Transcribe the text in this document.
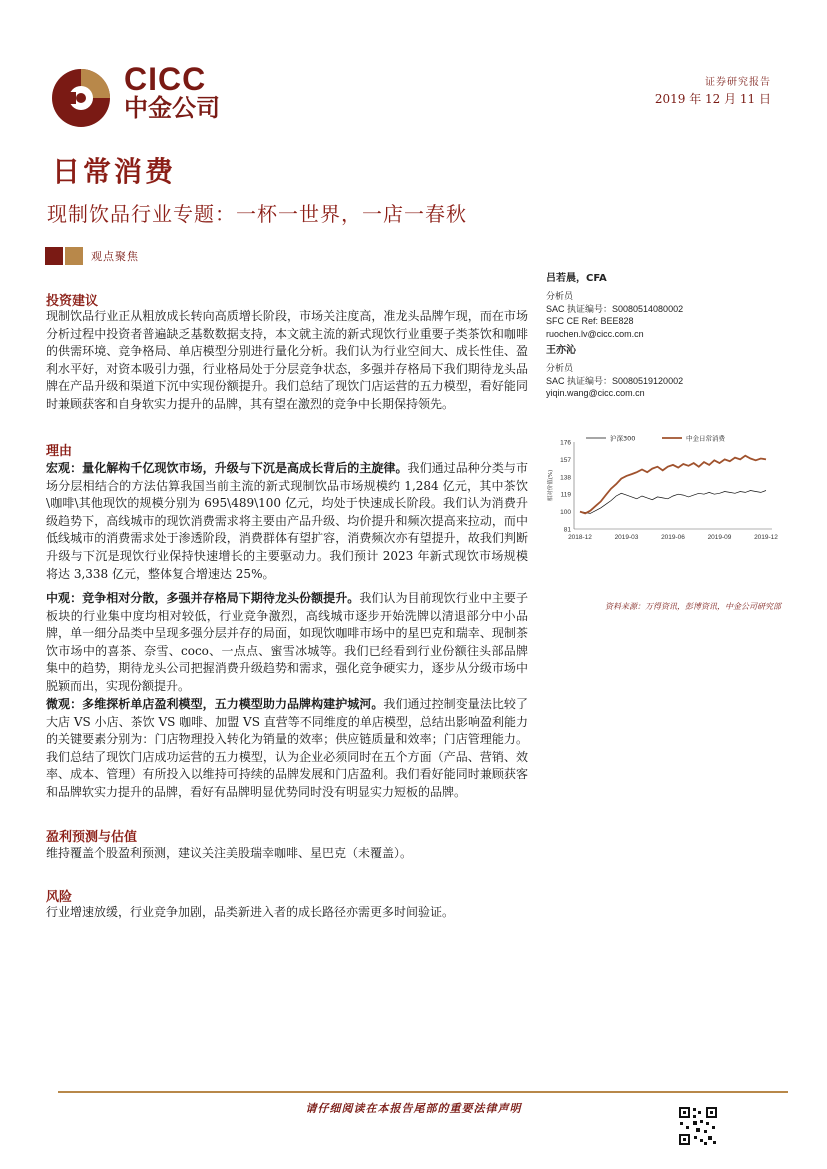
CICC
中金公司
证券研究报告
2019 年 12 月 11 日
日常消费
现制饮品行业专题：一杯一世界，一店一春秋
观点聚焦
投资建议
现制饮品行业正从粗放成长转向高质增长阶段，市场关注度高，准龙头品牌乍现，而在市场分析过程中投资者普遍缺乏基数数据支持，本文就主流的新式现饮行业重要子类茶饮和咖啡的供需环境、竞争格局、单店模型分别进行量化分析。我们认为行业空间大、成长性佳、盈利水平好，对资本吸引力强，行业格局处于分层竞争状态，多强并存格局下我们期待龙头品牌在产品升级和渠道下沉中实现份额提升。我们总结了现饮门店运营的五力模型，看好能同时兼顾获客和自身软实力提升的品牌，其有望在激烈的竞争中长期保持领先。
理由
宏观：量化解构千亿现饮市场，升级与下沉是高成长背后的主旋律。我们通过品种分类与市场分层相结合的方法估算我国当前主流的新式现制饮品市场规模约 1,284 亿元，其中茶饮\咖啡\其他现饮的规模分别为 695\489\100 亿元，均处于快速成长阶段。我们认为消费升级趋势下，高线城市的现饮消费需求将主要由产品升级、均价提升和频次提高来拉动，而中低线城市的消费需求处于渗透阶段，消费群体有望扩容，消费频次亦有望提升，故我们判断升级与下沉是现饮行业保持快速增长的主要驱动力。我们预计 2023 年新式现饮市场规模将达 3,338 亿元，整体复合增速达 25%。
中观：竞争相对分散，多强并存格局下期待龙头份额提升。我们认为目前现饮行业中主要子板块的行业集中度均相对较低，行业竞争激烈，高线城市逐步开始洗牌以清退部分中小品牌，单一细分品类中呈现多强分层并存的局面，如现饮咖啡市场中的星巴克和瑞幸、现制茶饮市场中的喜茶、奈雪、coco、一点点、蜜雪冰城等。我们已经看到行业份额往头部品牌集中的趋势，期待龙头公司把握消费升级趋势和需求，强化竞争硬实力，逐步从分级市场中脱颖而出，实现份额提升。
微观：多维探析单店盈利模型，五力模型助力品牌构建护城河。我们通过控制变量法比较了大店 VS 小店、茶饮 VS 咖啡、加盟 VS 直营等不同维度的单店模型，总结出影响盈利能力的关键要素分别为：门店物理投入转化为销量的效率；供应链质量和效率；门店管理能力。我们总结了现饮门店成功运营的五力模型，认为企业必须同时在五个方面（产品、营销、效率、成本、管理）有所投入以维持可持续的品牌发展和门店盈利。我们看好能同时兼顾获客和品牌软实力提升的品牌，看好有品牌明显优势同时没有明显实力短板的品牌。
盈利预测与估值
维持覆盖个股盈利预测，建议关注美股瑞幸咖啡、星巴克（未覆盖）。
风险
行业增速放缓，行业竞争加剧，品类新进入者的成长路径亦需更多时间验证。
吕若晨，CFA
分析员
SAC 执证编号：S0080514080002
SFC CE Ref: BEE828
ruochen.lv@cicc.com.cn
王亦沁
分析员
SAC 执证编号：S0080519120002
yiqin.wang@cicc.com.cn
176
157
138
119
100
81
相对价值(%)
2018-12	2019-03	2019-06	2019-09	2019-12
沪深300	中金日常消费
资料来源：万得资讯，彭博资讯，中金公司研究部
请仔细阅读在本报告尾部的重要法律声明
